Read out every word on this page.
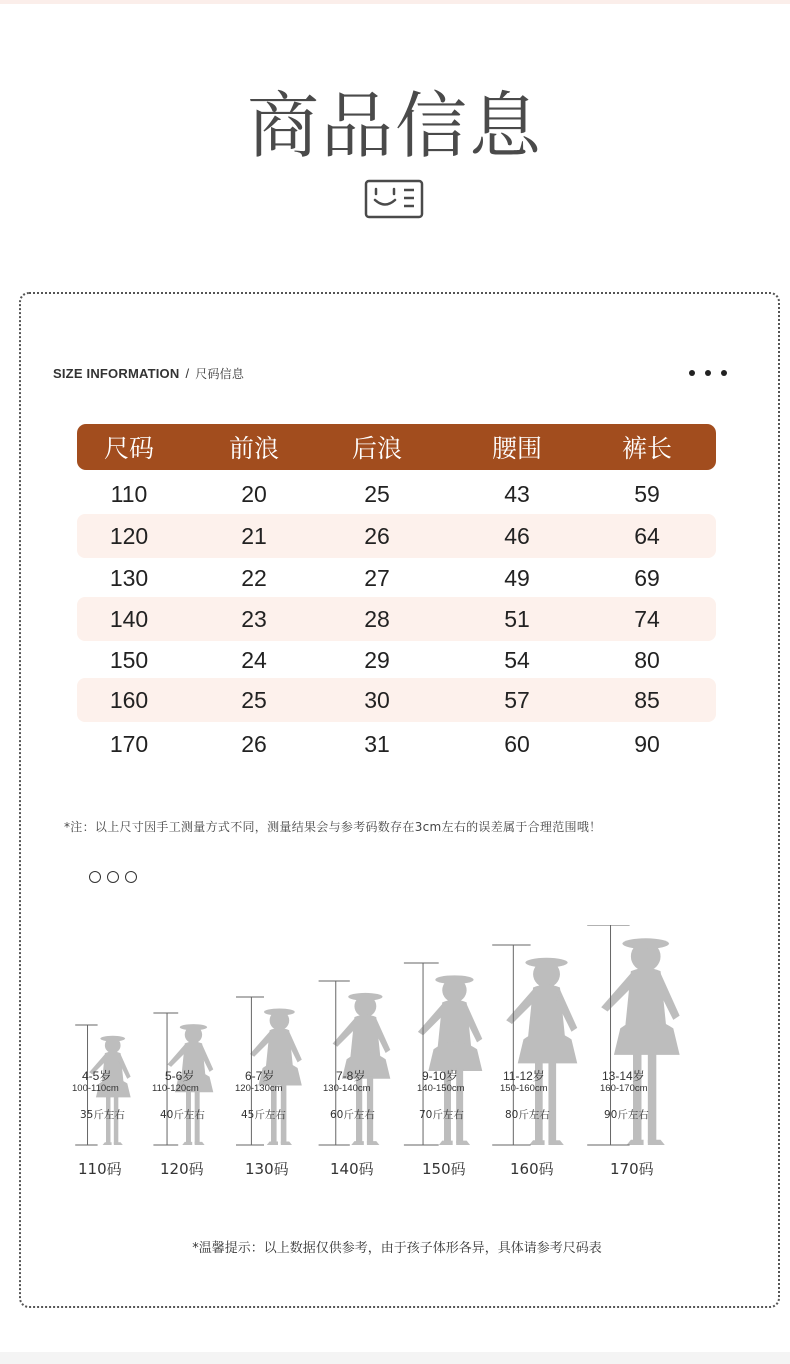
商品信息
SIZE INFORMATION / 尺码信息
尺码	前浪	后浪	腰围	裤长
110	20	25	43	59
120	21	26	46	64
130	22	27	49	69
140	23	28	51	74
150	24	29	54	80
160	25	30	57	85
170	26	31	60	90
*注：以上尺寸因手工测量方式不同，测量结果会与参考码数存在3cm左右的误差属于合理范围哦！
4-5岁
100-110cm
35斤左右
110码
5-6岁
110-120cm
40斤左右
120码
6-7岁
120-130cm
45斤左右
130码
7-8岁
130-140cm
60斤左右
140码
9-10岁
140-150cm
70斤左右
150码
11-12岁
150-160cm
80斤左右
160码
13-14岁
160-170cm
90斤左右
170码
*温馨提示：以上数据仅供参考，由于孩子体形各异，具体请参考尺码表
